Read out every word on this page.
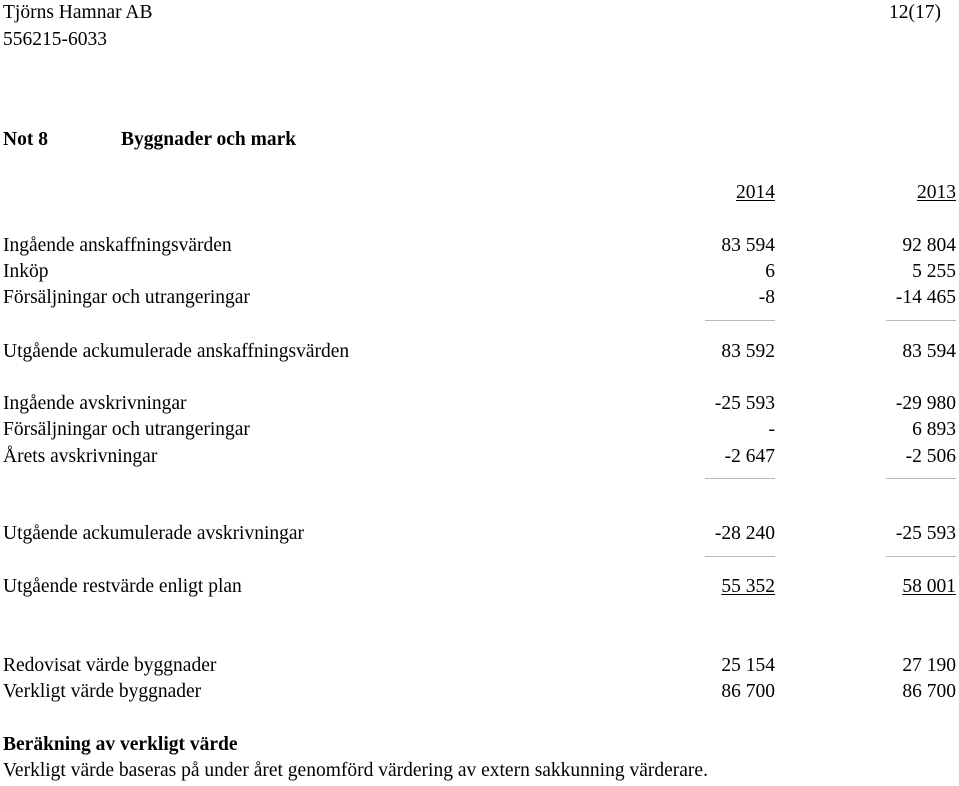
Tjörns Hamnar AB
556215-6033
12(17)
Not 8	Byggnader och mark
2014	2013
Ingående anskaffningsvärden	83 594	92 804
Inköp	6	5 255
Försäljningar och utrangeringar	-8	-14 465
Utgående ackumulerade anskaffningsvärden	83 592	83 594
Ingående avskrivningar	-25 593	-29 980
Försäljningar och utrangeringar	-	6 893
Årets avskrivningar	-2 647	-2 506
Utgående ackumulerade avskrivningar	-28 240	-25 593
Utgående restvärde enligt plan	55 352	58 001
Redovisat värde byggnader	25 154	27 190
Verkligt värde byggnader	86 700	86 700
Beräkning av verkligt värde
Verkligt värde baseras på under året genomförd värdering av extern sakkunning värderare.
